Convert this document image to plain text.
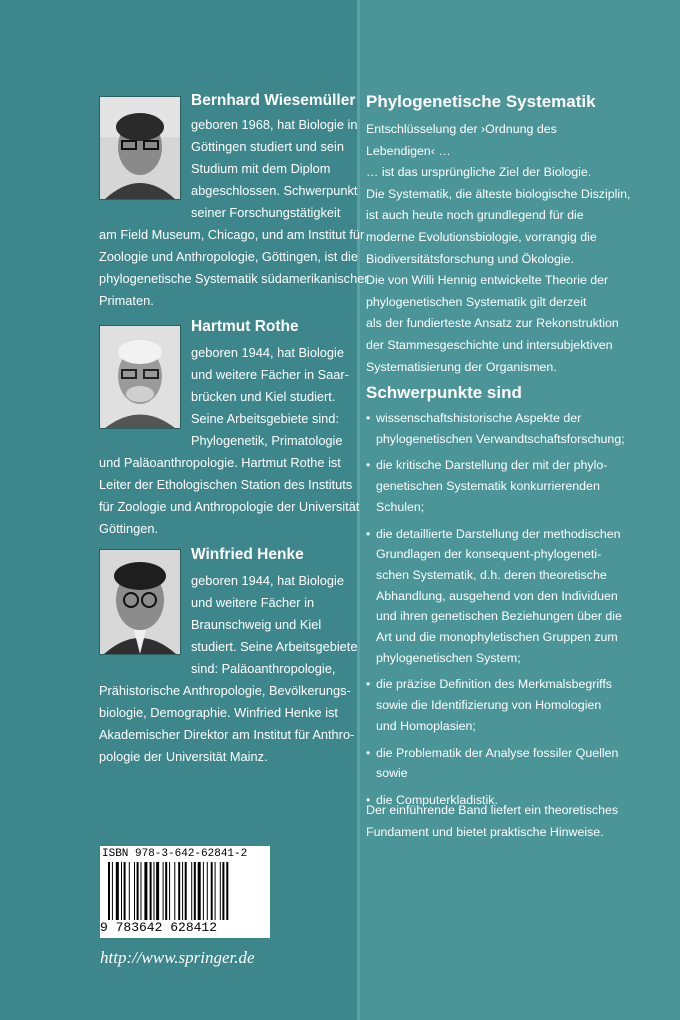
Bernhard Wiesemüller
geboren 1968, hat Biologie in
Göttingen studiert und sein
Studium mit dem Diplom
abgeschlossen. Schwerpunkt
seiner Forschungstätigkeit
am Field Museum, Chicago, und am Institut für
Zoologie und Anthropologie, Göttingen, ist die
phylogenetische Systematik südamerikanischer
Primaten.
Hartmut Rothe
geboren 1944, hat Biologie
und weitere Fächer in Saar-
brücken und Kiel studiert.
Seine Arbeitsgebiete sind:
Phylogenetik, Primatologie
und Paläoanthropologie. Hartmut Rothe ist
Leiter der Ethologischen Station des Instituts
für Zoologie und Anthropologie der Universität
Göttingen.
Winfried Henke
geboren 1944, hat Biologie
und weitere Fächer in
Braunschweig und Kiel
studiert. Seine Arbeitsgebiete
sind: Paläoanthropologie,
Prähistorische Anthropologie, Bevölkerungs-
biologie, Demographie. Winfried Henke ist
Akademischer Direktor am Institut für Anthro-
pologie der Universität Mainz.
ISBN 978-3-642-62841-2
9 783642 628412
http://www.springer.de
Phylogenetische Systematik
Entschlüsselung der ›Ordnung des
Lebendigen‹ …
… ist das ursprüngliche Ziel der Biologie.
Die Systematik, die älteste biologische Disziplin,
ist auch heute noch grundlegend für die
moderne Evolutionsbiologie, vorrangig die
Biodiversitätsforschung und Ökologie.
Die von Willi Hennig entwickelte Theorie der
phylogenetischen Systematik gilt derzeit
als der fundierteste Ansatz zur Rekonstruktion
der Stammesgeschichte und intersubjektiven
Systematisierung der Organismen.
Schwerpunkte sind
• wissenschaftshistorische Aspekte der
phylogenetischen Verwandtschaftsforschung;
• die kritische Darstellung der mit der phylo-
genetischen Systematik konkurrierenden
Schulen;
• die detaillierte Darstellung der methodischen
Grundlagen der konsequent-phylogeneti-
schen Systematik, d.h. deren theoretische
Abhandlung, ausgehend von den Individuen
und ihren genetischen Beziehungen über die
Art und die monophyletischen Gruppen zum
phylogenetischen System;
• die präzise Definition des Merkmalsbegriffs
sowie die Identifizierung von Homologien
und Homoplasien;
• die Problematik der Analyse fossiler Quellen
sowie
• die Computerkladistik.
Der einführende Band liefert ein theoretisches
Fundament und bietet praktische Hinweise.
